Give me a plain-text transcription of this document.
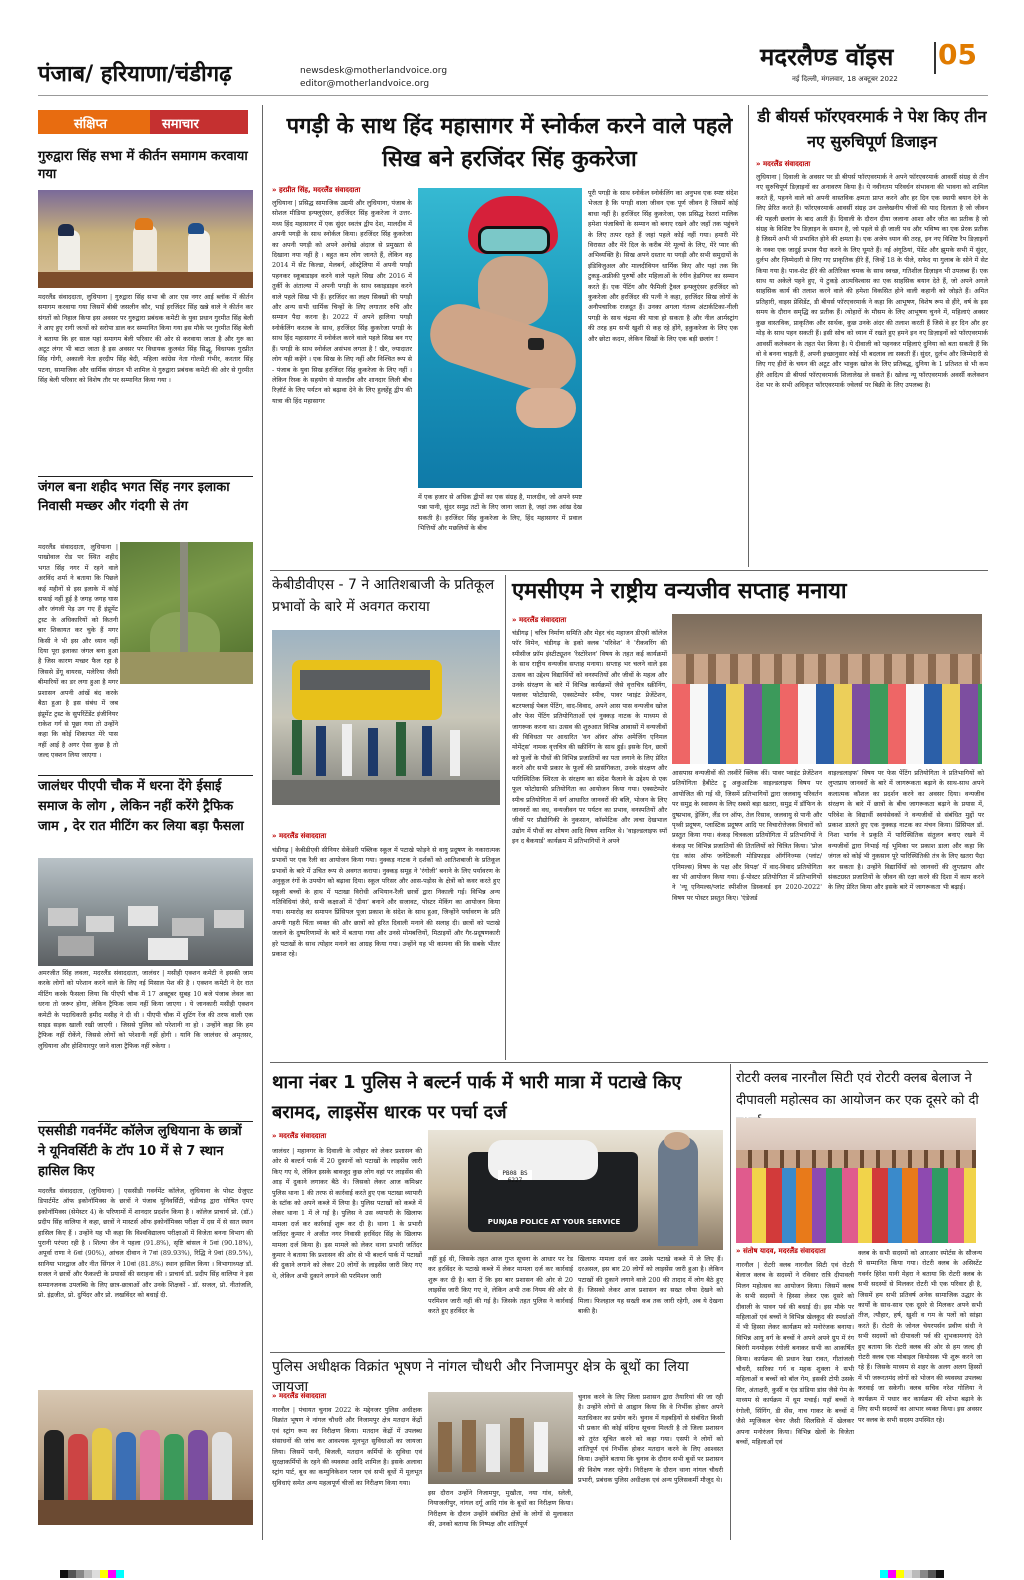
पंजाब/ हरियाणा/चंडीगढ़	newsdesk@motherlandvoice.org
editor@motherlandvoice.org
मदरलैण्ड वॉइस 05
नई दिल्ली, मंगलवार, 18 अक्टूबर 2022
संक्षिप्त	समाचार
गुरुद्वारा सिंह सभा में कीर्तन समागम करवाया गया
मदरलैंड संवाददाता, लुधियाना | गुरुद्वारा सिंह सभा बी आर एस नगर आई ब्लॉक में कीर्तन समागम करवाया गया जिसमें बीबी जसलीन कौर, भाई हरजिंदर सिंह खन्ने वाले ने कीर्तन कर संगतों को निहाल किया इस अवसर पर गुरुद्वारा प्रबंधक कमेटी के युवा प्रधान गुरमीत सिंह बेली ने आए हुए रागी जत्थों को सरोपा डाल कर सम्मानित किया गया इस मौके पर गुरमीत सिंह बेली ने बताया कि हर साल यहां समागम बेली परिवार की ओर से करवाया जाता है और गुरु का अटूट लंगर भी बाटा जाता है इस अवसर पर विधायक कुलवंत सिंह सिद्धू, विधायक गुरप्रीत सिंह गोगी, अकाली नेता हरदीप सिंह बेदी, महिला कांग्रेस नेता गोल्डी गंभीर, करतार सिंह पटना, सामाजिक और धार्मिक संगठन भी शामिल थे गुरुद्वारा प्रबंधक कमेटी की ओर से गुरमीत सिंह बेली परिवार को विशेष तौर पर सम्मानित किया गया ।
जंगल बना शहीद भगत सिंह नगर इलाका निवासी मच्छर और गंदगी से तंग
मदरलैंड संवाददाता, लुधियाना | पाखोवाल रोड पर स्थित शहीद भगत सिंह नगर में रहने वाले अरविंद शर्मा ने बताया कि पिछले कई महीनों से इस इलाके में कोई सफाई नहीं हुई है जगह जगह घास और जंगली पेड़ उग गए हैं इंप्रूमेंट ट्रस्ट के अधिकारियों को कितनी बार शिकायत कर चुके हैं मगर किसी ने भी इस और ध्यान नहीं दिया पूरा इलाका जंगल बना हुआ है जिस कारण मच्छर फैल रहा है जिससे डेंगू वायरस, मलेरिया जैसी बीमारियों का डर लगा हुआ है मगर प्रशासन अपनी आंखें बंद करके बैठा हुआ है इस संबंध में जब इंप्रूमेंट ट्रस्ट के सुपरिंटेंडेंट इंजीनियर राकेश गर्ग से पूछा गया तो उन्होंने कहा कि कोई शिकायत मेरे पास नहीं आई है अगर ऐसा कुछ है तो जल्द एक्शन लिया जाएगा ।
जालंधर पीएपी चौक में धरना देंगे ईसाई समाज के लोग , लेकिन नहीं करेंगे ट्रैफिक जाम , देर रात मीटिंग कर लिया बड़ा फैसला
अमरजीत सिंह लवला, मदरलैंड संवाददाता, जालंधर | मसीही एक्शन कमेटी ने इसकी जाम करके लोगों को परेशान करने वाले के लिए नई मिसाल पेश की है । एक्शन कमेटी ने देर रात मीटिंग करके फैसला लिया कि पीएपी चौक में 17 अक्टूबर सुबह 10 बजे पंजाब लेवल का धरना तो जरूर होगा, लेकिन ट्रैफिक जाम नहीं किया जाएगा । ये जानकारी मसीही एक्शन कमेटी के पदाधिकारी हमीद मसीह ने दी थी । पीएपी चौक में शुटिंग रेंज की तरफ वाली एक साइड सड़क खाली रखी जाएगी । जिससे पुलिस को परेशानी ना हो । उन्होंने कहा कि हम ट्रैफिक नहीं रोकेंगे, जिससे लोगों को परेशानी नहीं होगी । यानि कि जालंधर से अमृतसर, लुधियाना और होशियारपुर जाने वाला ट्रैफिक नहीं रुकेगा ।
एससीडी गवर्नमेंट कॉलेज लुधियाना के छात्रों ने यूनिवर्सिटी के टॉप 10 में से 7 स्थान हासिल किए
मदरलैंड संवाददाता, (लुधियाना) | एससीडी गवर्नमेंट कॉलेज, लुधियाना के पोस्ट ग्रेजुएट डिपार्टमेंट ऑफ इकोनॉमिक्स के छात्रों ने पंजाब यूनिवर्सिटी, चंडीगढ़ द्वारा घोषित एमए इकोनॉमिक्स (सेमेस्टर 4) के परिणामों में शानदार प्रदर्शन किया है । कॉलेज प्राचार्य प्रो. (डॉ.) प्रदीप सिंह वालिया ने कहा, छात्रों ने मास्टर्स ऑफ इकोनॉमिक्स परीक्षा में दस में से सात स्थान हासिल किए हैं । उन्होंने यह भी कहा कि विश्वविद्यालय परीक्षाओं में विजेता बनना विभाग की पुरानी परंपरा रही है । शिल्पा जैन ने पहला (91.8%), सृष्टि बांसल ने 5वां (90.18%), अपूर्वा राणा ने 6वां (90%), आंचल दीवान ने 7वां (89.93%), रिद्धि ने 9वां (89.5%), सानिया भारद्वाज और नीत सिंगल ने 10वां (81.8%) स्थान हासिल किया । विभागाध्यक्ष डॉ. सजल ने छात्रों और फैकल्टी के प्रयासों की सराहना की । प्राचार्य डॉ. प्रदीप सिंह वालिया ने इस सम्मानजनक उपलब्धि के लिए छात्र-छात्राओं और उनके शिक्षकों - डॉ. सजल, प्रो. नीतांजलि, प्रो. इंद्रजीत, प्रो. दुपिंदर और प्रो. लखविंदर को बधाई दी.
पगड़ी के साथ हिंद महासागर में स्नोर्कल करने वाले पहले सिख बने हरजिंदर सिंह कुकरेजा
» हरप्रीत सिंह, मदरलैंड संवाददाता
लुधियाना | प्रसिद्ध सामाजिक उद्यमी और लुधियाना, पंजाब के सोशल मीडिया इन्फ्लुएंसर, हरजिंदर सिंह कुकरेजा ने उत्तर-मध्य हिंद महासागर में एक सुंदर स्वतंत्र द्वीप देश, मालदीव में अपनी पगड़ी के साथ स्नोर्कल किया। हरजिंदर सिंह कुकरेजा का अपनी पगड़ी को अपने अनोखे अंदाज से प्रमुखता से दिखाना नया नहीं है । बहुत कम लोग जानते हैं, लेकिन वह 2014 में सेंट किल्डा, मेलबर्न, ऑस्ट्रेलिया में अपनी पगड़ी पहनकर स्कूबाडाइव करने वाले पहले सिख और 2016 में तुर्की के अंताल्या में अपनी पगड़ी के साथ स्काइडाइव करने वाले पहले सिख भी हैं। हरजिंदर का लक्ष्य सिक्खों की पगड़ी और अन्य सभी धार्मिक चिन्हों के लिए लगातार रुचि और सम्मान पैदा करना है। 2022 में अपने हालिया पगड़ी स्नोर्कलिंग करतब के साथ, हरजिंदर सिंह कुकरेजा पगड़ी के साथ हिंद महासागर में स्नोर्कल करने वाले पहले सिख बन गए हैं। पगड़ी के साथ स्नोर्कल असंभव लगता है ! खैर, ज्यादातर लोग यही कहेंगे । एक सिख के लिए नहीं और निश्चित रूप से - पंजाब के युवा सिख हरजिंदर सिंह कुकरेजा के लिए नहीं । लेकिन रिस्क के सहयोग से मालदीव और शानदार लिली बीच रिज़ॉर्ट के लिए पर्यटन को बढ़ावा देने के लिए हुलहेंहू द्वीप की यात्रा की हिंद महासागर
में एक हजार से अधिक द्वीपों का एक संग्रह है, मालदीव, जो अपने स्पष्ट पन्ना पानी, सुंदर समुद्र तटों के लिए जाना जाता है, जहां तक आंख देख सकती है। हरजिंदर सिंह कुकरेजा के लिए, हिंद महासागर में प्रवाल भित्तियों और मछलियों के बीच
पूरी पगड़ी के साथ स्नोर्कल स्नोर्कलिंग का अनुभव एक स्पष्ट संदेश भेजता है कि पगड़ी वाला जीवन एक पूर्ण जीवन है जिसमें कोई बाधा नहीं है। हरजिंदर सिंह कुकरेजा, एक प्रसिद्ध रेस्तरां मालिक हमेशा पंजाबियों के सम्मान को बनाए रखने और जहाँ तक पहुंचने के लिए तत्पर रहते हैं जहां पहले कोई नहीं गया। हमारी मेरे विरासत और मेरे दिल के करीब मेरे मूल्यों के लिए, मेरे प्यार की अभिव्यक्ति है। सिख अपने दस्तार या पगड़ी और सभी समुदायों के इंडिविजुअल और मालदीवियन धार्मिक किए और यहां तक कि टुकड़ू-अफ्रीकी पुरुषों और महिलाओं के रंगीन हेडगियर का सम्मान करते हैं। एक पेंटिंग और फैमिली ट्रैवल इन्फ्लुएंसर हरजिंदर को कुकरेजा और हरजिंदर की पत्नी ने कहा, हरजिंदर सिख लोगों के अनौपचारिक राजदूत हैं। उनका अगला गंतव्य अंटार्कटिका-नीली पगड़ी के साथ चंद्रमा की यात्रा हो सकता है और नील आर्मस्ट्रांग की तरह हम सभी खुशी से कह रहे होंगे, हकुकरेजा के लिए एक और छोटा कदम, लेकिन सिखों के लिए एक बड़ी छलांग !
डी बीयर्स फॉरएवरमार्क ने पेश किए तीन नए सुरुचिपूर्ण डिजाइन
» मदरलैंड संवाददाता
लुधियाना | दिवाली के अवसर पर डी बीयर्स फॉरएवरमार्क ने अपने फॉरएवरमार्क आवर्सी संग्रह से तीन नए सुरुचिपूर्ण डिज़ाइनों का अनावरण किया है। ये नवीनतम परिवर्धन संभावना की भावना को शामिल करते हैं, पहनने वाले को अपनी वास्तविक क्षमता प्राप्त करने और हर दिन एक स्थायी बयान देने के लिए प्रेरित करते हैं। फॉरएवरमार्क आवर्सी संग्रह उन उल्लेखनीय चीजों की याद दिलाता है जो जीवन की पहली छलांग के बाद आती हैं। दिवाली के दौरान दीया जलाना आशा और जीत का प्रतीक है जो संग्रह के विशिष्ट रैप डिज़ाइन के समान है, जो पहले से ही जाली पथ और भविष्य का एक प्रेरक प्रतीक है जिसमें अभी भी प्रभावित होने की क्षमता है। एक अजेय ध्यान की तरह, इन नए विशिष्ट रैप डिज़ाइनों के नक्श एक जादुई प्रभाव पैदा करने के लिए घूमते हैं। नई अंगूठियां, पेंडेंट और झुमके सभी में सुंदर, दुर्लभ और ज़िम्मेदारी से लिए गए प्राकृतिक हीरे हैं, जिन्हें 18 के पीले, सफेद या गुलाब के सोने में सेट किया गया है। पाव-सेट हीरे की अतिरिक्त चमक के साथ स्वच्छ, गतिशील डिज़ाइन भी उपलब्ध हैं। एक साथ या अकेले पहने हुए, ये टुकड़े आत्मविश्वास का एक साहसिक बयान देते हैं, जो अपने अगले साहसिक कार्य की तलाश करने वाले की हमेशा विकसित होने वाली कहानी को जोड़ते हैं। अमित प्रतिहारी, वाइस प्रेसिडेंट, डी बीयर्स फॉरएवरमार्क ने कहा कि आभूषण, विशेष रूप से हीरे, वर्ष के इस समय के दौरान समृद्धि का प्रतीक हैं। त्योहारों के मौसम के लिए आभूषण चुनने में, महिलाएं अक्सर कुछ वास्तविक, प्राकृतिक और सार्थक, कुछ उनके अंदर की तलाश करती हैं जिसे वे हर दिन और हर मोड़ के साथ पहन सकती हैं। इसी सोच को ध्यान में रखते हुए हमने इन नए डिज़ाइनों को फॉरएवरमार्क आवर्सी कलेक्शन के तहत पेश किया है। ये दीवाली को पहनकर महिलाएं दुनिया को बता सकती हैं कि वो वे बनना चाहती हैं, अपनी इच्छानुसार कोई भी बदलाव ला सकती हैं। सुंदर, दुर्लभ और जिम्मेदारी से लिए गए हीरों के चयन की अटूट और भावुक खोज के लिए प्रतिबद्ध, दुनिया के 1 प्रतिशत से भी कम हीरे आदित्य डी बीयर्स फॉरएवरमार्क शिलालेख ले सकते हैं। खोल्ड न्यू फॉरएवरमार्क अवर्सी कलेक्शन देश भर के सभी अधिकृत फॉरएवरमार्क ज्वेलर्स पर बिक्री के लिए उपलब्ध है।
केबीडीवीएस - 7 ने आतिशबाजी के प्रतिकूल प्रभावों के बारे में अवगत कराया
» मदरलैंड संवाददाता
चंडीगढ़ | केबीडीएवी सीनियर सेकेंडरी पब्लिक स्कूल में पटाखे फोड़ने से वायु प्रदूषण के नकारात्मक प्रभावों पर एक रैली का आयोजन किया गया। नुक्कड़ नाटक ने दर्शकों को आतिशबाजी के प्रतिकूल प्रभावों के बारे में उचित रूप से अवगत कराया। नुक्कड़ समूह ने 'रंगोली' बनाने के लिए पर्यावरण के अनुकूल रंगों के उपयोग को बढ़ावा दिया। स्कूल परिसर और आस-पड़ोस के क्षेत्रों को कवर करते हुए स्कूली बच्चों के हाथ में पटाखा विरोधी अभियान-रैली छात्रों द्वारा निकाली गई। विभिन्न अन्य गतिविधियां जैसे, सभी कक्षाओं में 'दीया' बनाने और सजावट, पोस्टर मेकिंग का आयोजन किया गया। समारोह का समापन प्रिंसिपल पूजा प्रकाश के संदेश के साथ हुआ, जिन्होंने पर्यावरण के प्रति अपनी गहरी चिंता व्यक्त की और छात्रों को हरित दिवाली मनाने की सलाह दी। छात्रों को पटाखे जलाने के दुष्परिणामों के बारे में बताया गया और उनसे मोमबत्तियों, मिठाइयों और गैर-प्रदूषणकारी हरे पटाखों के साथ त्योहार मनाने का आग्रह किया गया। उन्होंने यह भी कामना की कि सबके भीतर प्रकाश रहे।
एमसीएम ने राष्ट्रीय वन्यजीव सप्ताह मनाया
» मदरलैंड संवाददाता
चंडीगढ़ | चरित्र निर्माण समिति और मेहर चंद महाजन डीएवी कॉलेज फॉर विमेन, चंडीगढ़ के इको क्लब 'परिवेश' ने 'रीकवरिंग की स्पीसीज फ्रॉम इंस्टीट्यूशन 'रेस्टोरेशन' विषय के तहत कई कार्यक्रमों के साथ राष्ट्रीय वन्यजीव सप्ताह मनाया। सप्ताह भर चलने वाले इस उत्सव का उद्देश्य विद्यार्थियों को वनस्पतियों और जीवों के महत्व और उनके संरक्षण के बारे में विभिन्न कार्यक्रमों जैसे वृत्तचित्र स्क्रीनिंग, फ्लावर फोटोग्राफी, एक्सटेम्पोर स्पीच, पावर प्वाइंट प्रेजेंटेशन, बटरफ्लाई पेबल पेंटिंग, वाद-विवाद, अपने आस पास वन्यजीव खोज और फेस पेंटिंग प्रतियोगिताओं एवं नुक्कड़ नाटक के माध्यम से जागरूक करना था। उत्सव की शुरुआत विभिन्न आवासों में वन्यजीवों की विविधता पर आधारित 'वन ऑवर ऑफ अमेजिंग एनिमल मोमेंट्स' नामक वृत्तचित्र की स्क्रीनिंग के साथ हुई। इसके दिन, छात्रों को फूलों के पौधों की विभिन्न प्रजातियों का पता लगाने के लिए प्रेरित करने और सभी प्रकार के फूलों की प्रासंगिकता, उनके संरक्षण और पारिस्थितिक स्थिरता के संरक्षण का संदेश फैलाने के उद्देश्य से एक फूल फोटोग्राफी प्रतियोगिता का आयोजन किया गया। एक्सटेम्पोर स्पीच प्रतियोगिता में वर्ग आधारित जानवरों की बलि, भोजन के लिए जानवरों का वध, वन्यजीवन पर पर्यटन का प्रभाव, वनस्पतियों और जीवों पर प्रौद्योगिकी के नुकसान, कॉस्मेटिक और त्वचा देखभाल उद्योग में पौधों का शोषण आदि विषय शामिल थे। 'वाइल्डलाइफ स्पॉ इन द बैकयार्ड' कार्यक्रम में प्रतिभागियों ने अपने
आसपास वन्यजीवों की तस्वीरें क्लिक कीं। पावर प्वाइंट प्रेजेंटेशन प्रतियोगिता हैबीटेट ट्रू अकुआटिक वाइल्डलाइफ विषय पर आयोजित की गई थी, जिसमें प्रतिभागियों द्वारा जलवायु परिवर्तन पर समुद्र के स्वास्थ्य के लिए सबसे बड़ा खतरा, समुद्र में डॉफिन के दुष्प्रभाव, ड्रेजिंग, लैंड रन ऑफ, तेल रिसाव, जलवायु से पानी और पृथ्वी प्रदूषण, प्लास्टिक प्रदूषण आदि पर विचारोत्तेजक विचारों को प्रस्तुत किया गया। कंकड़ चित्रकला प्रतियोगिता में प्रतिभागियों ने कंकड़ पर विभिन्न प्रजातियों की तितलियों को चित्रित किया। 'प्रोज एंड कांस ऑफ जनेटिकली मोडिफाइड ऑर्गनिज्म्स (प्लांट/एनिमल्स) विषय के पक्ष और विपक्ष' में वाद-विवाद प्रतियोगिता का भी आयोजन किया गया। ई-पोस्टर प्रतियोगिता में प्रतिभागियों ने 'न्यू एनिमल्स/प्लांट स्पीशीज डिस्कवर्ड इन 2020-2022' विषय पर पोस्टर प्रस्तुत किए। 'एंडेजर्ड
वाइल्डलाइफ' विषय पर फेस पेंटिंग प्रतियोगिता ने प्रतिभागियों को लुप्तप्राय जानवरों के बारे में जागरूकता बढ़ाने के साथ-साथ अपने कलात्मक कौशल का प्रदर्शन करने का अवसर दिया। वन्यजीव संरक्षण के बारे में छात्रों के बीच जागरूकता बढ़ाने के प्रयास में, परिवेश के विद्यार्थी स्वयंसेवकों ने वन्यजीवों से संबंधित मुद्दों पर प्रकाश डालते हुए एक नुक्कड़ नाटक का मंचन किया। प्रिंसिपल डॉ. निशा भार्गव ने प्रकृति में पारिस्थितिक संतुलन बनाए रखने में वन्यजीवों द्वारा निभाई गई भूमिका पर प्रकाश डाला और कहा कि जंगल को कोई भी नुकसान पूरे पारिस्थितिकी तंत्र के लिए खतरा पैदा कर सकता है। उन्होंने विद्यार्थियों को जानवरों की लुप्तप्राय और संकटग्रस्त प्रजातियों के जीवन की रक्षा करने की दिशा में काम करने के लिए प्रेरित किया और इसके बारे में जागरूकता भी बढ़ाई।
थाना नंबर 1 पुलिस ने बल्टर्न पार्क में भारी मात्रा में पटाखे किए बरामद, लाइसेंस धारक पर पर्चा दर्ज
» मदरलैंड संवाददाता
जालंधर | महानगर के दिवाली के त्यौहार को लेकर प्रशासन की ओर से बल्टर्न पार्क में 20 दुकानों को पटाखों के लाइसेंस जारी किए गए थे, लेकिन इसके बावजूद कुछ लोग वहां पर लाइसेंस की आड़ में दुकाने लगाकर बैठे थे। जिसको लेकर आज कमिश्नर पुलिस थाना 1 की तरफ से कार्रवाई करते हुए एक पटाखा व्यापारी के स्टॉक को अपने कब्जे में लिया है। पुलिस पटाखों को कब्जे में लेकर थाना 1 में ले गई है। पुलिस ने उस व्यापारी के खिलाफ मामला दर्ज कर कार्रवाई शुरू कर दी है। थाना 1 के प्रभारी जतिंदर कुमार ने अजीत नगर निवासी हरविंदर सिंह के खिलाफ मामला दर्ज किया है। इस मामले को लेकर थाना प्रभारी जतिंदर कुमार ने बताया कि प्रशासन की ओर से भी बल्टर्न पार्क में पटाखों की दुकाने लगाने को लेकर 20 लोगों के लाइसेंस जारी किए गए थे, लेकिन अभी दुकाने लगाने की परमिशन जारी
PB08 BS 6227
PUNJAB POLICE AT YOUR SERVICE
नहीं हुई थी, जिसके तहत आज गुप्त सूचना के आधार पर रेड कर हरविंदर के पटाखे कब्जे में लेकर मामला दर्ज कर कार्रवाई शुरू कर दी है। बता दें कि इस बार प्रशासन की ओर से 20 लाइसेंस जारी किए गए थे, लेकिन अभी तक नियम की ओर से परमिशन जारी नहीं की गई है। जिसके तहत पुलिस ने कार्रवाई करते हुए हरविंदर के
खिलाफ मामला दर्ज कर उसके पटाखे कब्जे में ले लिए हैं। दरअसल, इस बार 20 लोगों को लाइसेंस जारी हुआ है। लेकिन पटाखों की दुकाने लगाने वाले 200 की तादाद में लोग बैठे हुए हैं। जिसको लेकर आज प्रशासन का सख्त रवैया देखने को मिला। फिलहाल यह सख्ती कब तक जारी रहेगी, अब ये देखना बाकी है।
रोटरी क्लब नारनौल सिटी एवं रोटरी क्लब बेलाज ने दीपावली महोत्सव का आयोजन कर एक दूसरे को दी
» संतोष यादव, मदरलैंड संवाददाता
नारनौल | रोटरी क्लब नारनौल सिटी एवं रोटरी बेलाज क्लब के सदस्यों ने रविवार रात्रि दीपावली मिलन महोत्सव का आयोजन किया। जिसमें क्लब के सभी सदस्यों ने हिस्सा लेकर एक दूसरे को दीवाली के पावन पर्व की बधाई दी। इस मौके पर महिलाओं एवं बच्चों ने विभिन्न खेलकूद की स्पर्धाओं में भी हिस्सा लेकर कार्यक्रम को मनोरंजक बनाया। विभिन्न आयु वर्ग के बच्चों ने अपने अपने ग्रुप में रंग बिरंगी मनमोहक रंगोली बनाकर सभी का आकर्षित किया। कार्यक्रम की प्रधान रेखा रावत, गीतांजली चौधरी, सारिका गर्ग व महक शुक्ला ने सभी महिलाओं व बच्चों को बॉल गेम, इसकी टोपी उसके सिर, अंताक्षरी, कुर्सी व एंड डांडिया डांस जैसे गेम के माध्यम से कार्यक्रम में धूम मचाई। यहाँ बच्चों ने रंगोली, सिंगिंग, डी सेंस, नाच गाकर के बच्चों में जैसे म्यूजिकल चेयर जैसी सिलसिले में खेलकर अपना मनोरंजन किया। विभिन्न खेलों के विजेता बच्चों, महिलाओं एवं
क्लब के सभी सदस्यों को आरआर स्पोर्टस के सौजन्य से सम्मानित किया गया। रोटरी क्लब के असिस्टेंट गवर्नर हिरेश यानी मेहरा ने बताया कि रोटरी क्लब के सभी सदस्यों से मिलकर रोटरी भी एक परिवार ही है, जिसमें हम सभी प्रतिवर्ष अनेक सामाजिक उद्धार के कार्यों के साथ-साथ एक दूसरे से मिलकर अपने सभी तीज, त्यौहार, हर्ष, खुशी व गम के पलों को सांझा करते हैं। रोटरी के जोनल चेयरपर्सन प्रवीण संधी ने सभी सदस्यों को दीपावली पर्व की शुभकामनाएं देते हुए बताया कि रोटरी क्लब की ओर से हम जल्द ही रोटरी क्लब एक मोबाइल कियोसक भी शुरू करने जा रहे हैं। जिसके माध्यम से शहर के अलग अलग हिस्सों में भी जरूरतमंद लोगों को भोजन की व्यवस्था उपलब्ध करवाई जा सकेगी। क्लब सचिव नरेश गोलिया ने कार्यक्रम में पधार कर कार्यक्रम की शोभा बढ़ाने के लिए सभी सदस्यों का आभार व्यक्त किया। इस अवसर पर क्लब के सभी सदस्य उपस्थित रहे।
पुलिस अधीक्षक विक्रांत भूषण ने नांगल चौधरी और निजामपुर क्षेत्र के बूथों का लिया जायजा
» मदरलैंड संवाददाता
नारनौल | पंचायत चुनाव 2022 के मद्देनजर पुलिस अधीक्षक विक्रांत भूषण ने नांगल चौधरी और निजामपुर क्षेत्र मतदान केंद्रों एवं स्ट्रांग रूम का निरीक्षण किया। मतदान केंद्रों में उपलब्ध संसाधनों की जांच कर आवश्यक मूलभूत सुविधाओं का जायजा लिया। जिसमें पानी, बिजली, मतदान कर्मियों के सुविधा एवं सुरक्षाकर्मियों के रहने की व्यवस्था आदि शामिल है। इसके अलावा स्ट्रांग पार्ट, बूथ का कम्युनिकेशन प्लान एवं सभी बूथों में मूलभूत सुविधाएं समेत अन्य महत्वपूर्ण चीजों का निरीक्षण किया गया।
इस दौरान उन्होंने निजामपुर, मुखौता, नया गांव, स्लेली, नियाजलीपुर, नांगल दर्गू आदि गांव के बूथों का निरीक्षण किया। निरीक्षण के दौरान उन्होंने संबंधित क्षेत्रों के लोगों से मुलाकात की, उनको बताया कि निष्पक्ष और शांतिपूर्ण
चुनाव करने के लिए जिला प्रशासन द्वारा तैयारियां की जा रही है। उन्होंने लोगों से आह्वान किया कि वे निर्भीक होकर अपने मताधिकार का प्रयोग करें। चुनाव में गड़बड़ियों से संबंधित किसी भी प्रकार की कोई संदिग्ध सूचना मिलती है तो जिला प्रशासन को तुरंत सूचित करने को कहा गया। एसपी ने लोगों को शांतिपूर्ण एवं निर्भीक होकर मतदान करने के लिए आश्वस्त किया। उन्होंने बताया कि चुनाव के दौरान सभी बूथों पर प्रशासन की विशेष नजर रहेगी। निरीक्षण के दौरान थाना नांगल चौधरी प्रभारी, प्रबंधक पुलिस अधीक्षक एवं अन्य पुलिसकर्मी मौजूद थे।
